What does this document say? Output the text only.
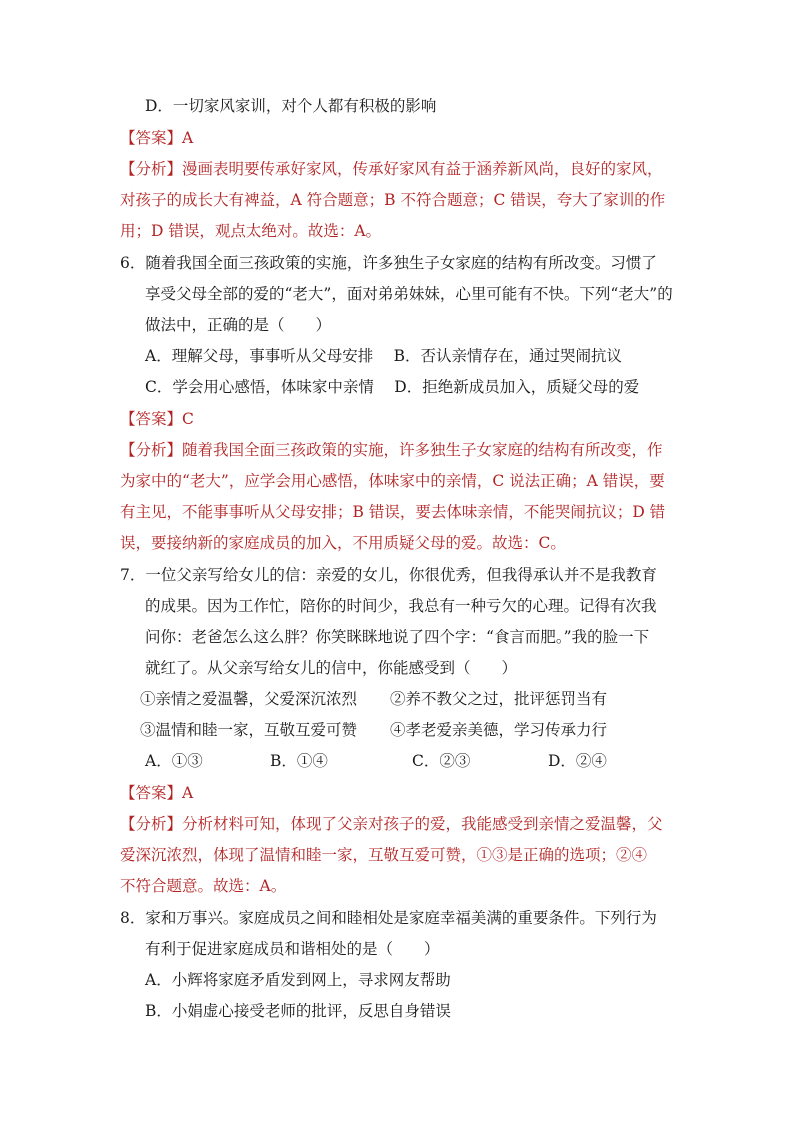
D．一切家风家训，对个人都有积极的影响
【答案】A
【分析】漫画表明要传承好家风，传承好家风有益于涵养新风尚，良好的家风，
对孩子的成长大有裨益，A 符合题意；B 不符合题意；C 错误，夸大了家训的作
用；D 错误，观点太绝对。故选：A。
6．随着我国全面三孩政策的实施，许多独生子女家庭的结构有所改变。习惯了
享受父母全部的爱的“老大”，面对弟弟妹妹，心里可能有不快。下列“老大”的
做法中，正确的是（　　）
A．理解父母，事事听从父母安排　 B．否认亲情存在，通过哭闹抗议
C．学会用心感悟，体味家中亲情　 D．拒绝新成员加入，质疑父母的爱
【答案】C
【分析】随着我国全面三孩政策的实施，许多独生子女家庭的结构有所改变，作
为家中的“老大”，应学会用心感悟，体味家中的亲情，C 说法正确；A 错误，要
有主见，不能事事听从父母安排；B 错误，要去体味亲情，不能哭闹抗议；D 错
误，要接纳新的家庭成员的加入，不用质疑父母的爱。故选：C。
7．一位父亲写给女儿的信：亲爱的女儿，你很优秀，但我得承认并不是我教育
的成果。因为工作忙，陪你的时间少，我总有一种亏欠的心理。记得有次我
问你：老爸怎么这么胖？你笑眯眯地说了四个字：“食言而肥。”我的脸一下
就红了。从父亲写给女儿的信中，你能感受到（　　）
①亲情之爱温馨，父爱深沉浓烈 ②养不教父之过，批评惩罚当有
③温情和睦一家，互敬互爱可赞 ④孝老爱亲美德，学习传承力行
A．①③	B．①④	C．②③	D．②④
【答案】A
【分析】分析材料可知，体现了父亲对孩子的爱，我能感受到亲情之爱温馨，父
爱深沉浓烈，体现了温情和睦一家，互敬互爱可赞，①③是正确的选项；②④
不符合题意。故选：A。
8．家和万事兴。家庭成员之间和睦相处是家庭幸福美满的重要条件。下列行为
有利于促进家庭成员和谐相处的是（　　）
A．小辉将家庭矛盾发到网上，寻求网友帮助
B．小娟虚心接受老师的批评，反思自身错误
